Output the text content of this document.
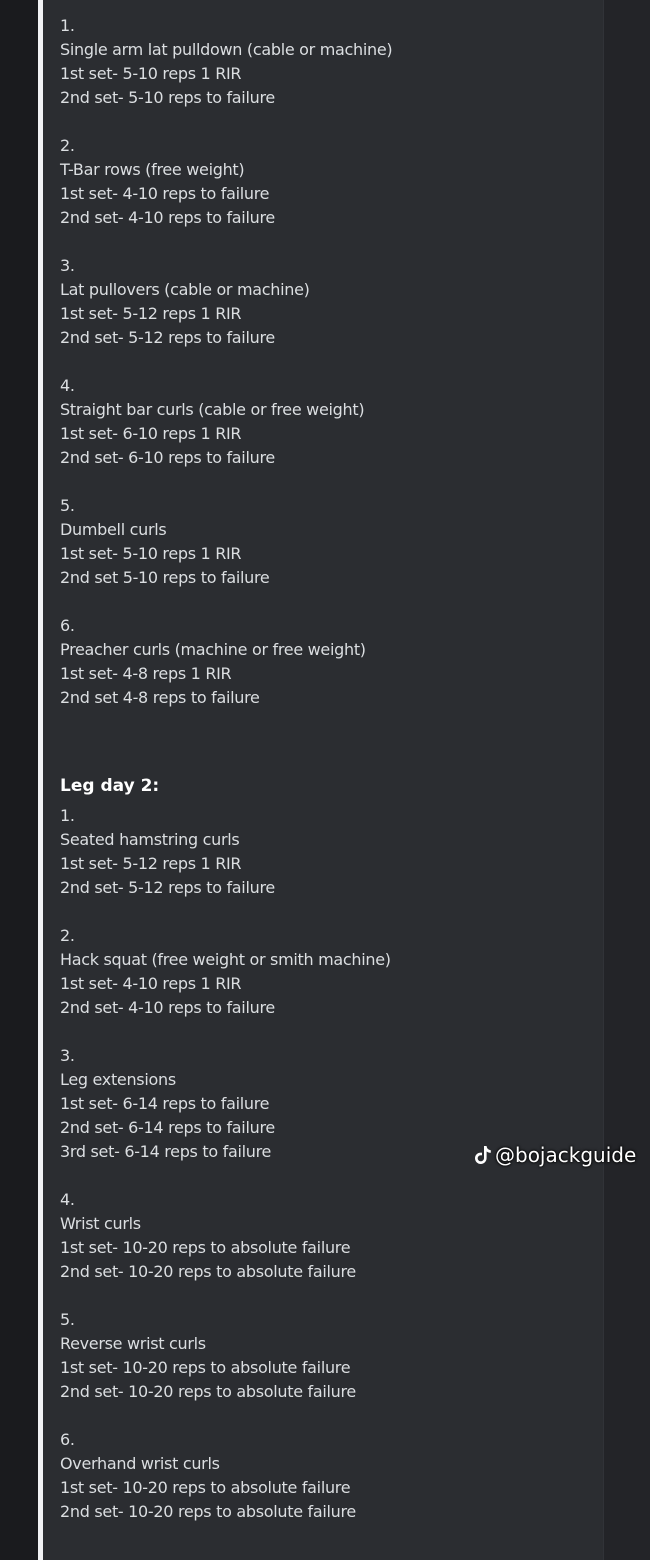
1.
Single arm lat pulldown (cable or machine)
1st set- 5-10 reps 1 RIR
2nd set- 5-10 reps to failure
2.
T-Bar rows (free weight)
1st set- 4-10 reps to failure
2nd set- 4-10 reps to failure
3.
Lat pullovers (cable or machine)
1st set- 5-12 reps 1 RIR
2nd set- 5-12 reps to failure
4.
Straight bar curls (cable or free weight)
1st set- 6-10 reps 1 RIR
2nd set- 6-10 reps to failure
5.
Dumbell curls
1st set- 5-10 reps 1 RIR
2nd set 5-10 reps to failure
6.
Preacher curls (machine or free weight)
1st set- 4-8 reps 1 RIR
2nd set 4-8 reps to failure
Leg day 2:
1.
Seated hamstring curls
1st set- 5-12 reps 1 RIR
2nd set- 5-12 reps to failure
2.
Hack squat (free weight or smith machine)
1st set- 4-10 reps 1 RIR
2nd set- 4-10 reps to failure
3.
Leg extensions
1st set- 6-14 reps to failure
2nd set- 6-14 reps to failure
3rd set- 6-14 reps to failure
4.
Wrist curls
1st set- 10-20 reps to absolute failure
2nd set- 10-20 reps to absolute failure
5.
Reverse wrist curls
1st set- 10-20 reps to absolute failure
2nd set- 10-20 reps to absolute failure
6.
Overhand wrist curls
1st set- 10-20 reps to absolute failure
2nd set- 10-20 reps to absolute failure
@bojackguide
